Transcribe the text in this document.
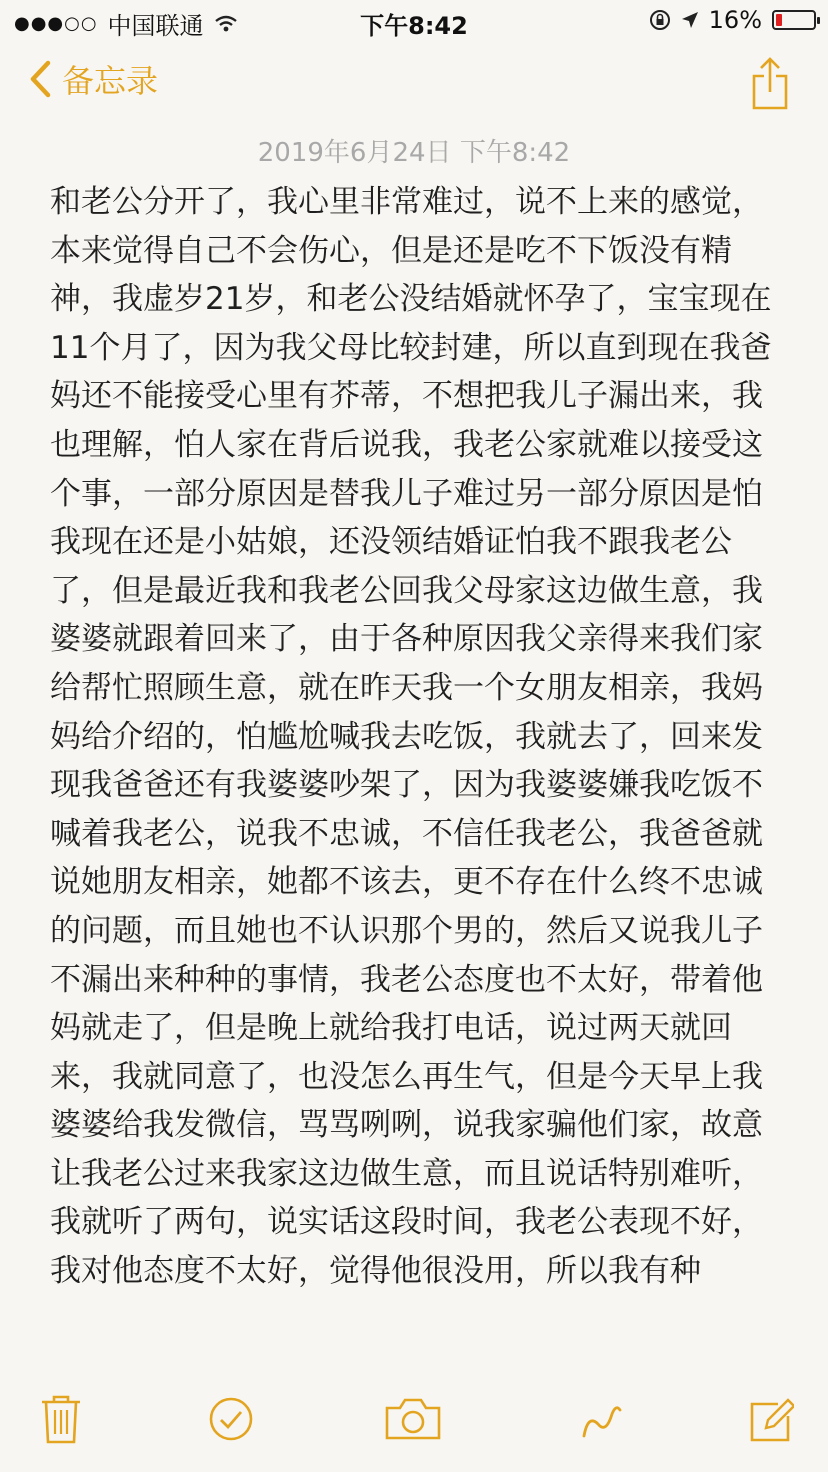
●●●○○ 中国联通	下午8:42	16%
备忘录
2019年6月24日 下午8:42
和老公分开了，我心里非常难过，说不上来的感觉，本来觉得自己不会伤心，但是还是吃不下饭没有精神，我虚岁21岁，和老公没结婚就怀孕了，宝宝现在11个月了，因为我父母比较封建，所以直到现在我爸妈还不能接受心里有芥蒂，不想把我儿子漏出来，我也理解，怕人家在背后说我，我老公家就难以接受这个事，一部分原因是替我儿子难过另一部分原因是怕我现在还是小姑娘，还没领结婚证怕我不跟我老公了，但是最近我和我老公回我父母家这边做生意，我婆婆就跟着回来了，由于各种原因我父亲得来我们家给帮忙照顾生意，就在昨天我一个女朋友相亲，我妈妈给介绍的，怕尴尬喊我去吃饭，我就去了，回来发现我爸爸还有我婆婆吵架了，因为我婆婆嫌我吃饭不喊着我老公，说我不忠诚，不信任我老公，我爸爸就说她朋友相亲，她都不该去，更不存在什么终不忠诚的问题，而且她也不认识那个男的，然后又说我儿子不漏出来种种的事情，我老公态度也不太好，带着他妈就走了，但是晚上就给我打电话，说过两天就回来，我就同意了，也没怎么再生气，但是今天早上我婆婆给我发微信，骂骂咧咧，说我家骗他们家，故意让我老公过来我家这边做生意，而且说话特别难听，我就听了两句，说实话这段时间，我老公表现不好，我对他态度不太好，觉得他很没用，所以我有种
